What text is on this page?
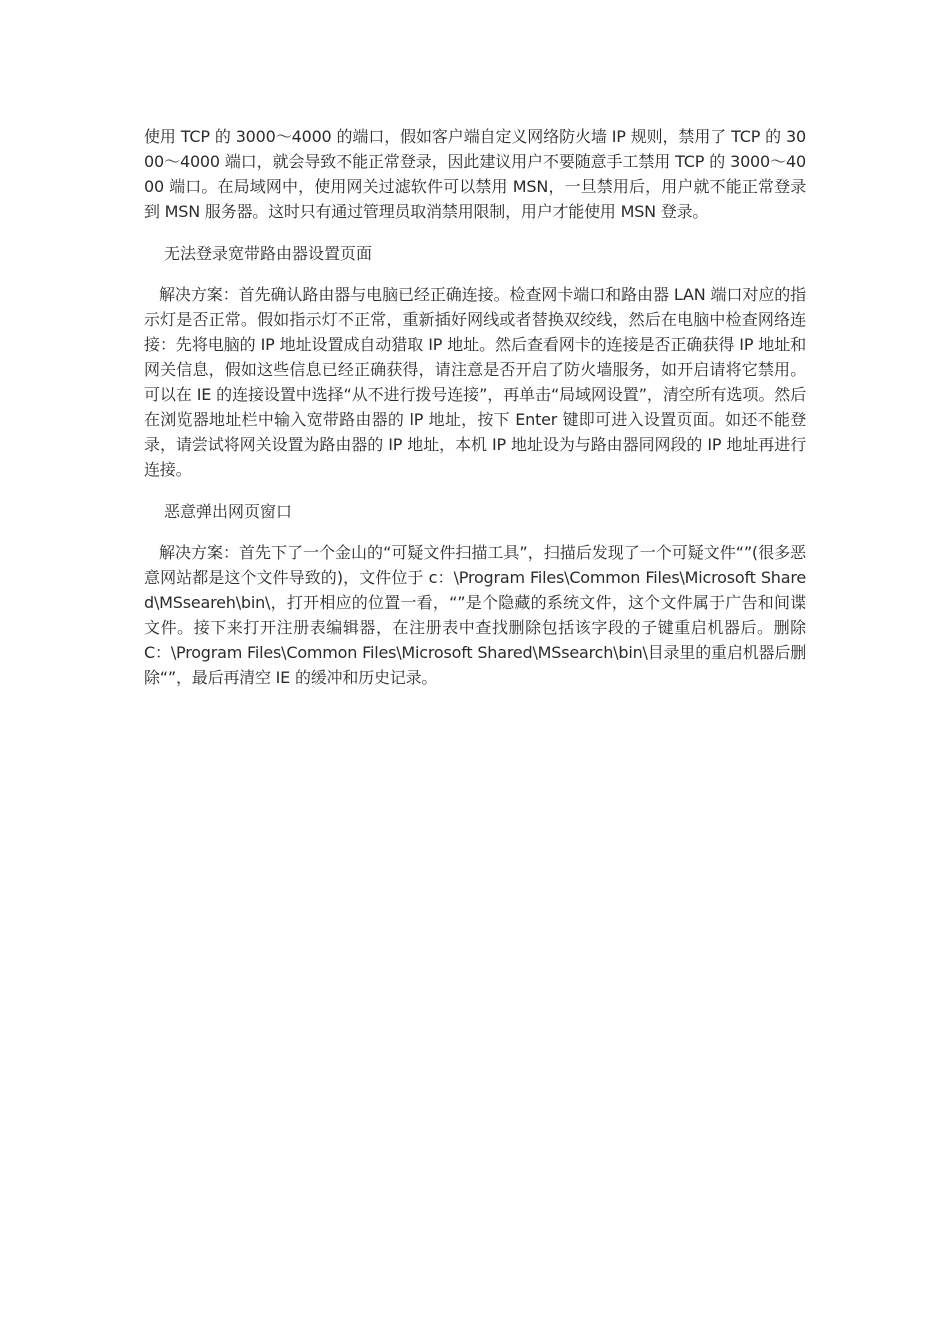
使用 TCP 的 3000～4000 的端口，假如客户端自定义网络防火墙 IP 规则，禁用了 TCP 的 3000～4000 端口，就会导致不能正常登录，因此建议用户不要随意手工禁用 TCP 的 3000～4000 端口。在局域网中，使用网关过滤软件可以禁用 MSN，一旦禁用后，用户就不能正常登录到 MSN 服务器。这时只有通过管理员取消禁用限制，用户才能使用 MSN 登录。

无法登录宽带路由器设置页面

解决方案：首先确认路由器与电脑已经正确连接。检查网卡端口和路由器 LAN 端口对应的指示灯是否正常。假如指示灯不正常，重新插好网线或者替换双绞线，然后在电脑中检查网络连接：先将电脑的 IP 地址设置成自动猎取 IP 地址。然后查看网卡的连接是否正确获得 IP 地址和网关信息，假如这些信息已经正确获得，请注意是否开启了防火墙服务，如开启请将它禁用。可以在 IE 的连接设置中选择“从不进行拨号连接”，再单击“局域网设置”，清空所有选项。然后在浏览器地址栏中输入宽带路由器的 lP 地址，按下 Enter 键即可进入设置页面。如还不能登录，请尝试将网关设置为路由器的 IP 地址，本机 IP 地址设为与路由器同网段的 IP 地址再进行连接。

恶意弹出网页窗口

解决方案：首先下了一个金山的“可疑文件扫描工具”，扫描后发现了一个可疑文件“”(很多恶意网站都是这个文件导致的)，文件位于 c：\Program Files\Common Files\Microsoft Shared\MSseareh\bin\，打开相应的位置一看，“”是个隐藏的系统文件，这个文件属于广告和间谍文件。接下来打开注册表编辑器，在注册表中查找删除包括该字段的子键重启机器后。删除 C：\Program Files\Common Files\Microsoft Shared\MSsearch\bin\目录里的重启机器后删除“”，最后再清空 IE 的缓冲和历史记录。
